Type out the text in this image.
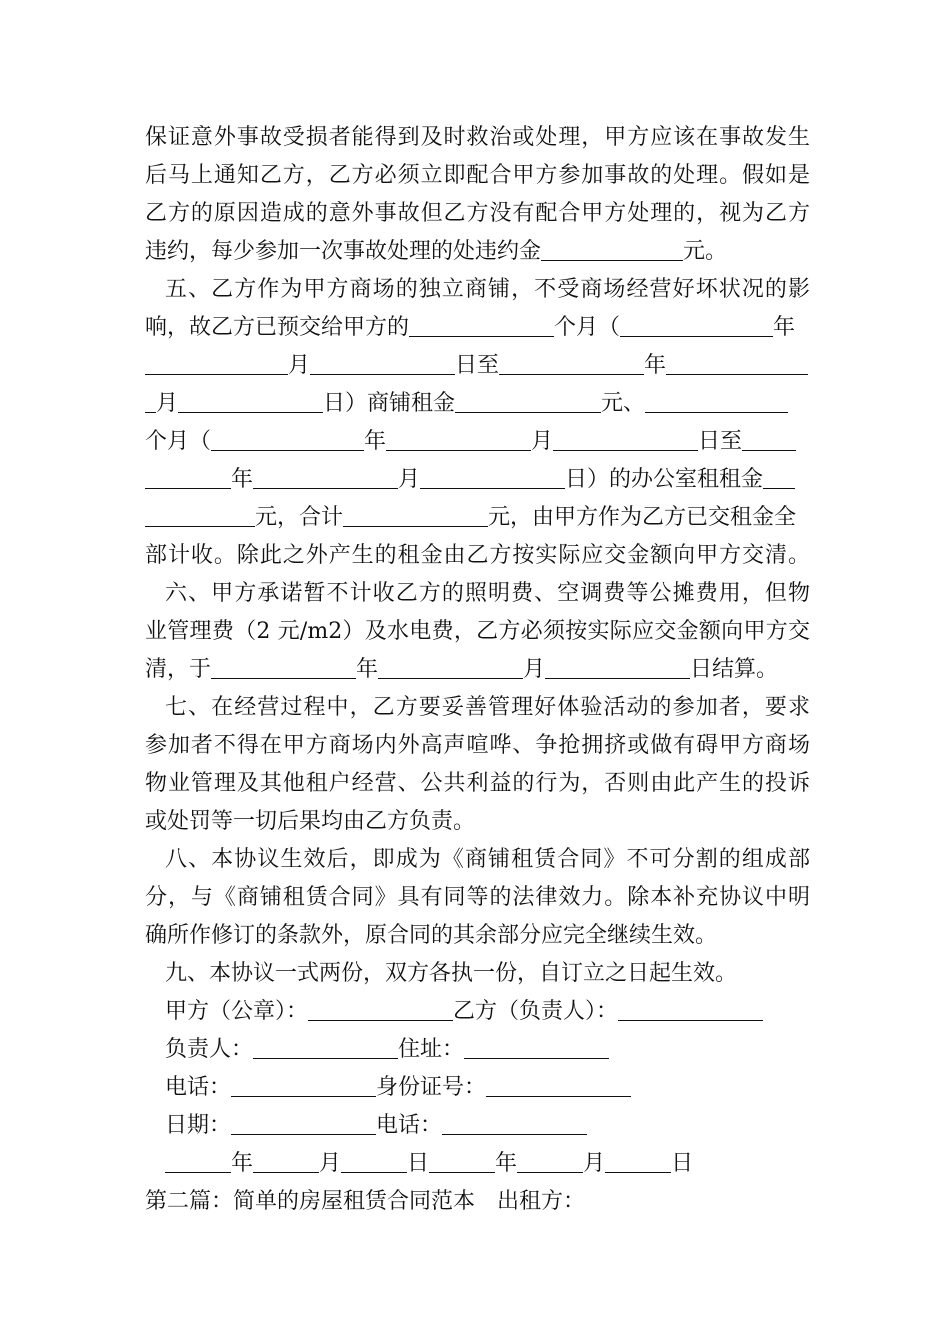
保证意外事故受损者能得到及时救治或处理，甲方应该在事故发生
后马上通知乙方，乙方必须立即配合甲方参加事故的处理。假如是
乙方的原因造成的意外事故但乙方没有配合甲方处理的，视为乙方
违约，每少参加一次事故处理的处违约金	元。
五、乙方作为甲方商场的独立商铺，不受商场经营好坏状况的影
响，故乙方已预交给甲方的	个月（	年
月	日至	年
月	日）商铺租金	元、
个月（	年	月	日至
年	月	日）的办公室租租金
元，合计	元，由甲方作为乙方已交租金全
部计收。除此之外产生的租金由乙方按实际应交金额向甲方交清。
六、甲方承诺暂不计收乙方的照明费、空调费等公摊费用，但物
业管理费（2 元/m2）及水电费，乙方必须按实际应交金额向甲方交
清，于	年	月	日结算。
七、在经营过程中，乙方要妥善管理好体验活动的参加者，要求
参加者不得在甲方商场内外高声喧哗、争抢拥挤或做有碍甲方商场
物业管理及其他租户经营、公共利益的行为，否则由此产生的投诉
或处罚等一切后果均由乙方负责。
八、本协议生效后，即成为《商铺租赁合同》不可分割的组成部
分，与《商铺租赁合同》具有同等的法律效力。除本补充协议中明
确所作修订的条款外，原合同的其余部分应完全继续生效。
九、本协议一式两份，双方各执一份，自订立之日起生效。
甲方（公章）：	乙方（负责人）：
负责人：	住址：
电话：	身份证号：
日期：	电话：
年	月	日	年	月	日
第二篇：简单的房屋租赁合同范本 出租方：
